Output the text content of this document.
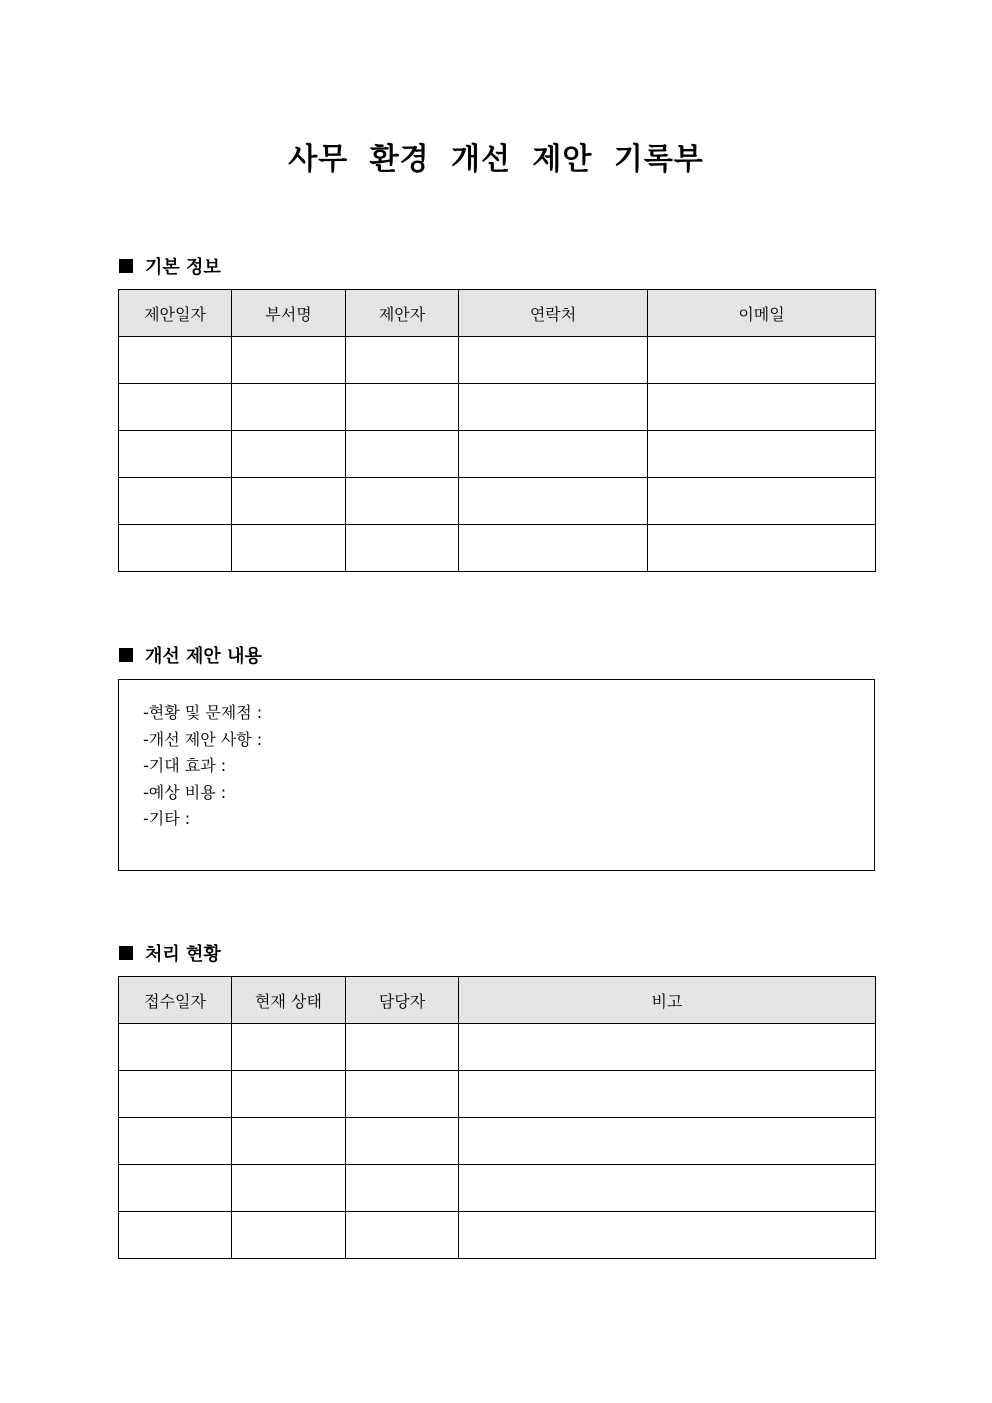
사무 환경 개선 제안 기록부
기본 정보
제안일자	부서명	제안자	연락처	이메일

개선 제안 내용
-현황 및 문제점 :
-개선 제안 사항 :
-기대 효과 :
-예상 비용 :
-기타 :
처리 현황
접수일자	현재 상태	담당자	비고
